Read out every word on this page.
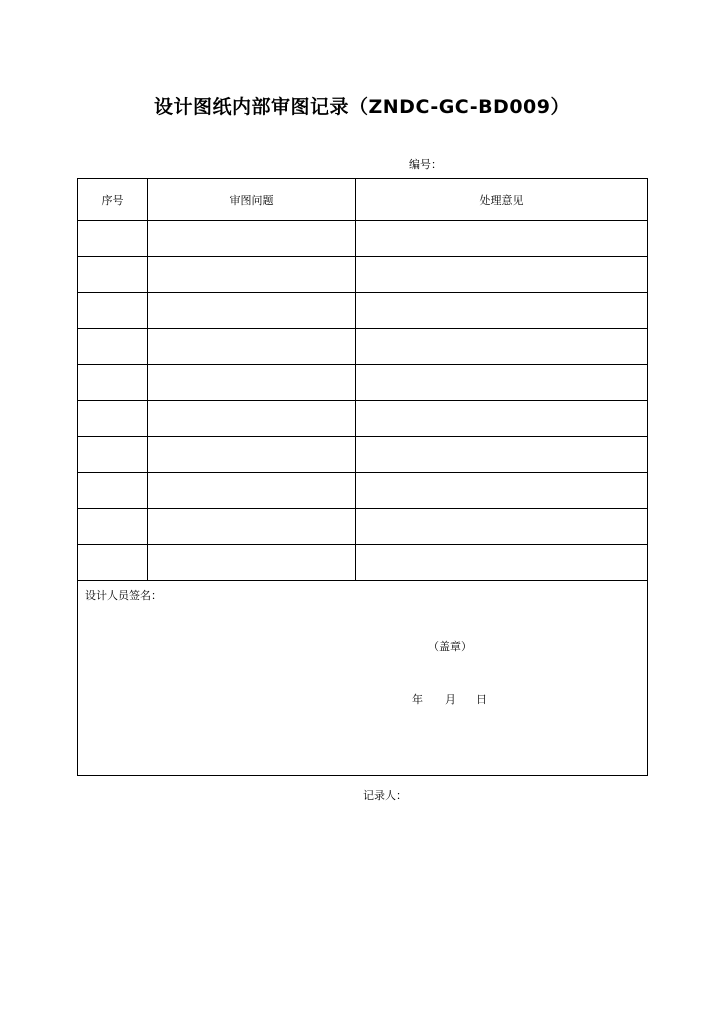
设计图纸内部审图记录（ZNDC-GC-BD009）
编号：
序号	审图问题	处理意见

设计人员签名：
（盖章）
年 月 日		
记录人：
